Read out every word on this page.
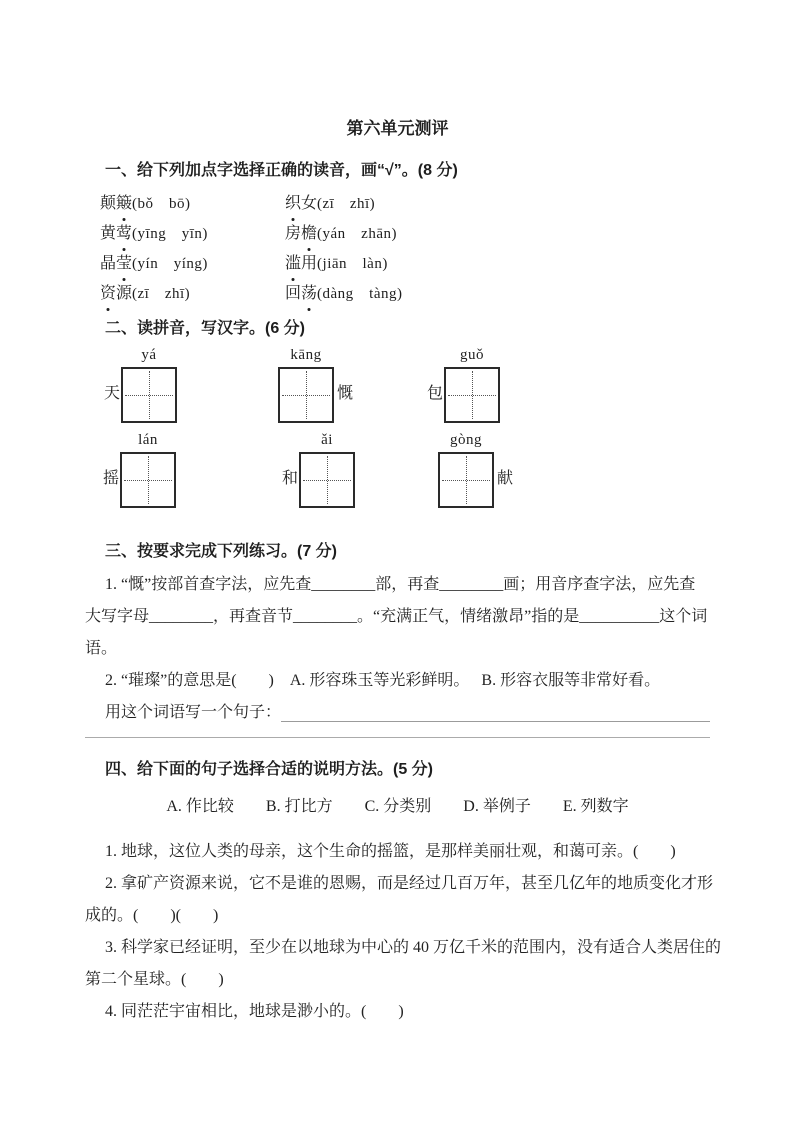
第六单元测评
一、给下列加点字选择正确的读音，画“√”。(8 分)
颠簸(bǒ　bō)	织女(zī　zhī)
黄莺(yīng　yīn)	房檐(yán　zhān)
晶莹(yín　yíng)	滥用(jiān　làn)
资源(zī　zhī)	回荡(dàng　tàng)
二、读拼音，写汉字。(6 分)
天
yá	kāng
慨	包
guǒ
摇
lán
和
ǎi	gòng
献
三、按要求完成下列练习。(7 分)
1. “慨”按部首查字法，应先查________部，再查________画；用音序查字法，应先查
大写字母________，再查音节________。“充满正气，情绪激昂”指的是__________这个词
语。
2. “璀璨”的意思是(　　)　A. 形容珠玉等光彩鲜明。　 B. 形容衣服等非常好看。
用这个词语写一个句子：
四、给下面的句子选择合适的说明方法。(5 分)
A. 作比较　　B. 打比方　　C. 分类别　　D. 举例子　　E. 列数字
1. 地球，这位人类的母亲，这个生命的摇篮，是那样美丽壮观，和蔼可亲。(　　)
2. 拿矿产资源来说，它不是谁的恩赐，而是经过几百万年，甚至几亿年的地质变化才形
成的。(　　)(　　)
3. 科学家已经证明，至少在以地球为中心的 40 万亿千米的范围内，没有适合人类居住的
第二个星球。(　　)
4. 同茫茫宇宙相比，地球是渺小的。(　　)
